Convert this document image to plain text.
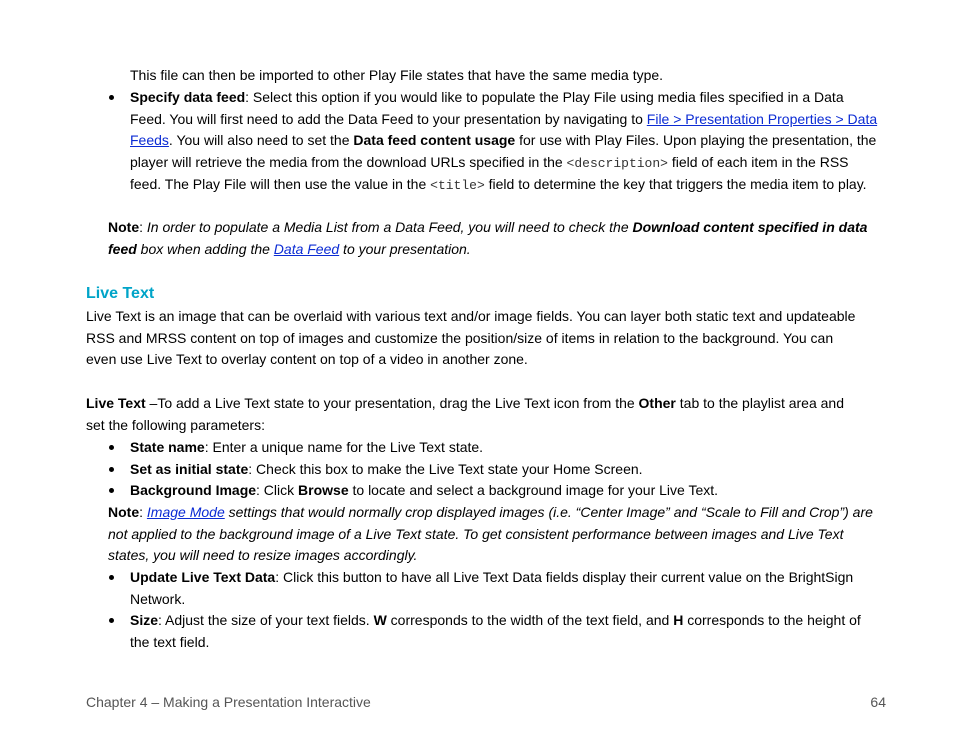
This file can then be imported to other Play File states that have the same media type.
Specify data feed: Select this option if you would like to populate the Play File using media files specified in a Data Feed. You will first need to add the Data Feed to your presentation by navigating to File > Presentation Properties > Data Feeds. You will also need to set the Data feed content usage for use with Play Files. Upon playing the presentation, the player will retrieve the media from the download URLs specified in the <description> field of each item in the RSS feed. The Play File will then use the value in the <title> field to determine the key that triggers the media item to play.
Note: In order to populate a Media List from a Data Feed, you will need to check the Download content specified in data feed box when adding the Data Feed to your presentation.
Live Text
Live Text is an image that can be overlaid with various text and/or image fields. You can layer both static text and updateable RSS and MRSS content on top of images and customize the position/size of items in relation to the background. You can even use Live Text to overlay content on top of a video in another zone.
Live Text –To add a Live Text state to your presentation, drag the Live Text icon from the Other tab to the playlist area and set the following parameters:
State name: Enter a unique name for the Live Text state.
Set as initial state: Check this box to make the Live Text state your Home Screen.
Background Image: Click Browse to locate and select a background image for your Live Text.
Note: Image Mode settings that would normally crop displayed images (i.e. “Center Image” and “Scale to Fill and Crop”) are not applied to the background image of a Live Text state. To get consistent performance between images and Live Text states, you will need to resize images accordingly.
Update Live Text Data: Click this button to have all Live Text Data fields display their current value on the BrightSign Network.
Size: Adjust the size of your text fields. W corresponds to the width of the text field, and H corresponds to the height of the text field.
Chapter 4 – Making a Presentation Interactive	64
